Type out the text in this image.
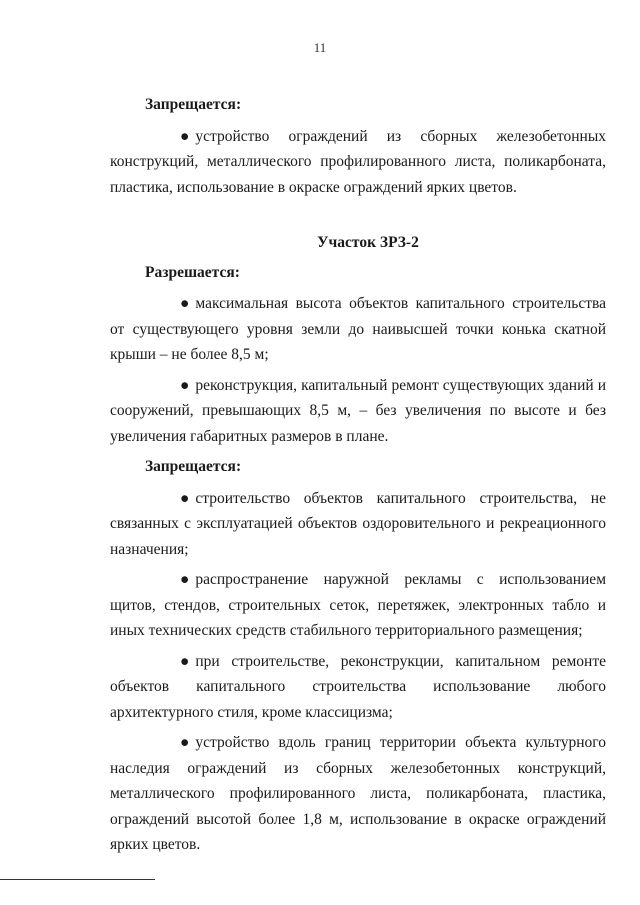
11
Запрещается:

● устройство ограждений из сборных железобетонных конструкций, металлического профилированного листа, поликарбоната, пластика, использование в окраске ограждений ярких цветов.

Участок ЗРЗ-2
Разрешается:

● максимальная высота объектов капитального строительства от существующего уровня земли до наивысшей точки конька скатной крыши – не более 8,5 м;

● реконструкция, капитальный ремонт существующих зданий и сооружений, превышающих 8,5 м, – без увеличения по высоте и без увеличения габаритных размеров в плане.

Запрещается:

● строительство объектов капитального строительства, не связанных с эксплуатацией объектов оздоровительного и рекреационного назначения;

● распространение наружной рекламы с использованием щитов, стендов, строительных сеток, перетяжек, электронных табло и иных технических средств стабильного территориального размещения;

● при строительстве, реконструкции, капитальном ремонте объектов капитального строительства использование любого архитектурного стиля, кроме классицизма;

● устройство вдоль границ территории объекта культурного наследия ограждений из сборных железобетонных конструкций, металлического профилированного листа, поликарбоната, пластика, ограждений высотой более 1,8 м, использование в окраске ограждений ярких цветов.
